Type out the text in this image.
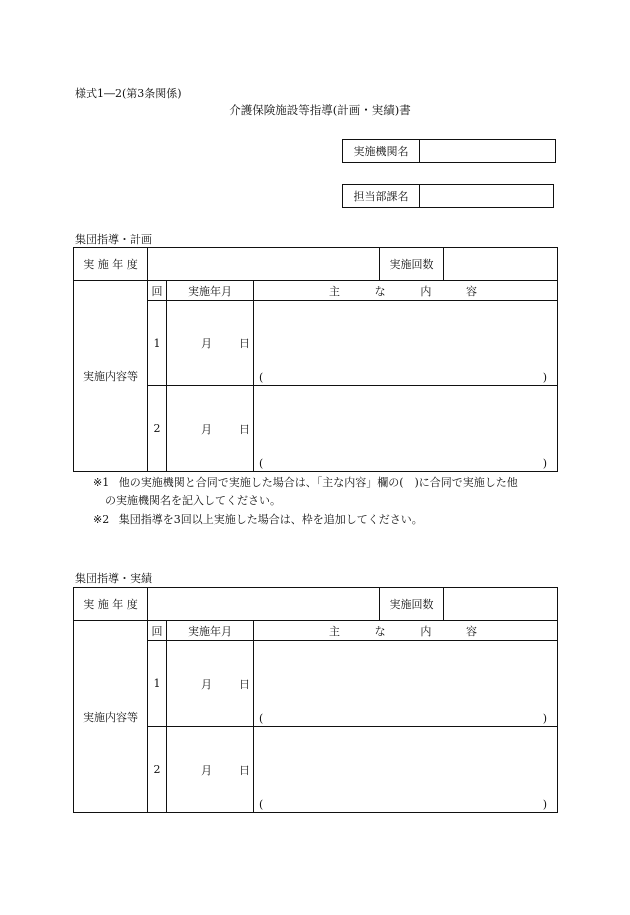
様式1―2(第3条関係)
介護保険施設等指導(計画・実績)書
実施機関名
担当部課名
集団指導・計画
実 施 年 度				実施回数	
実施内容等	回	実施年月	主 な 内 容		

	1	月 日	( )		

	2	月 日	( )		
※1 他の実施機関と合同で実施した場合は、「主な内容」欄の(　)に合同で実施した他
の実施機関名を記入してください。
※2 集団指導を3回以上実施した場合は、枠を追加してください。
集団指導・実績
実 施 年 度				実施回数	
実施内容等	回	実施年月	主 な 内 容		

	1	月 日	( )		

	2	月 日	( )		
